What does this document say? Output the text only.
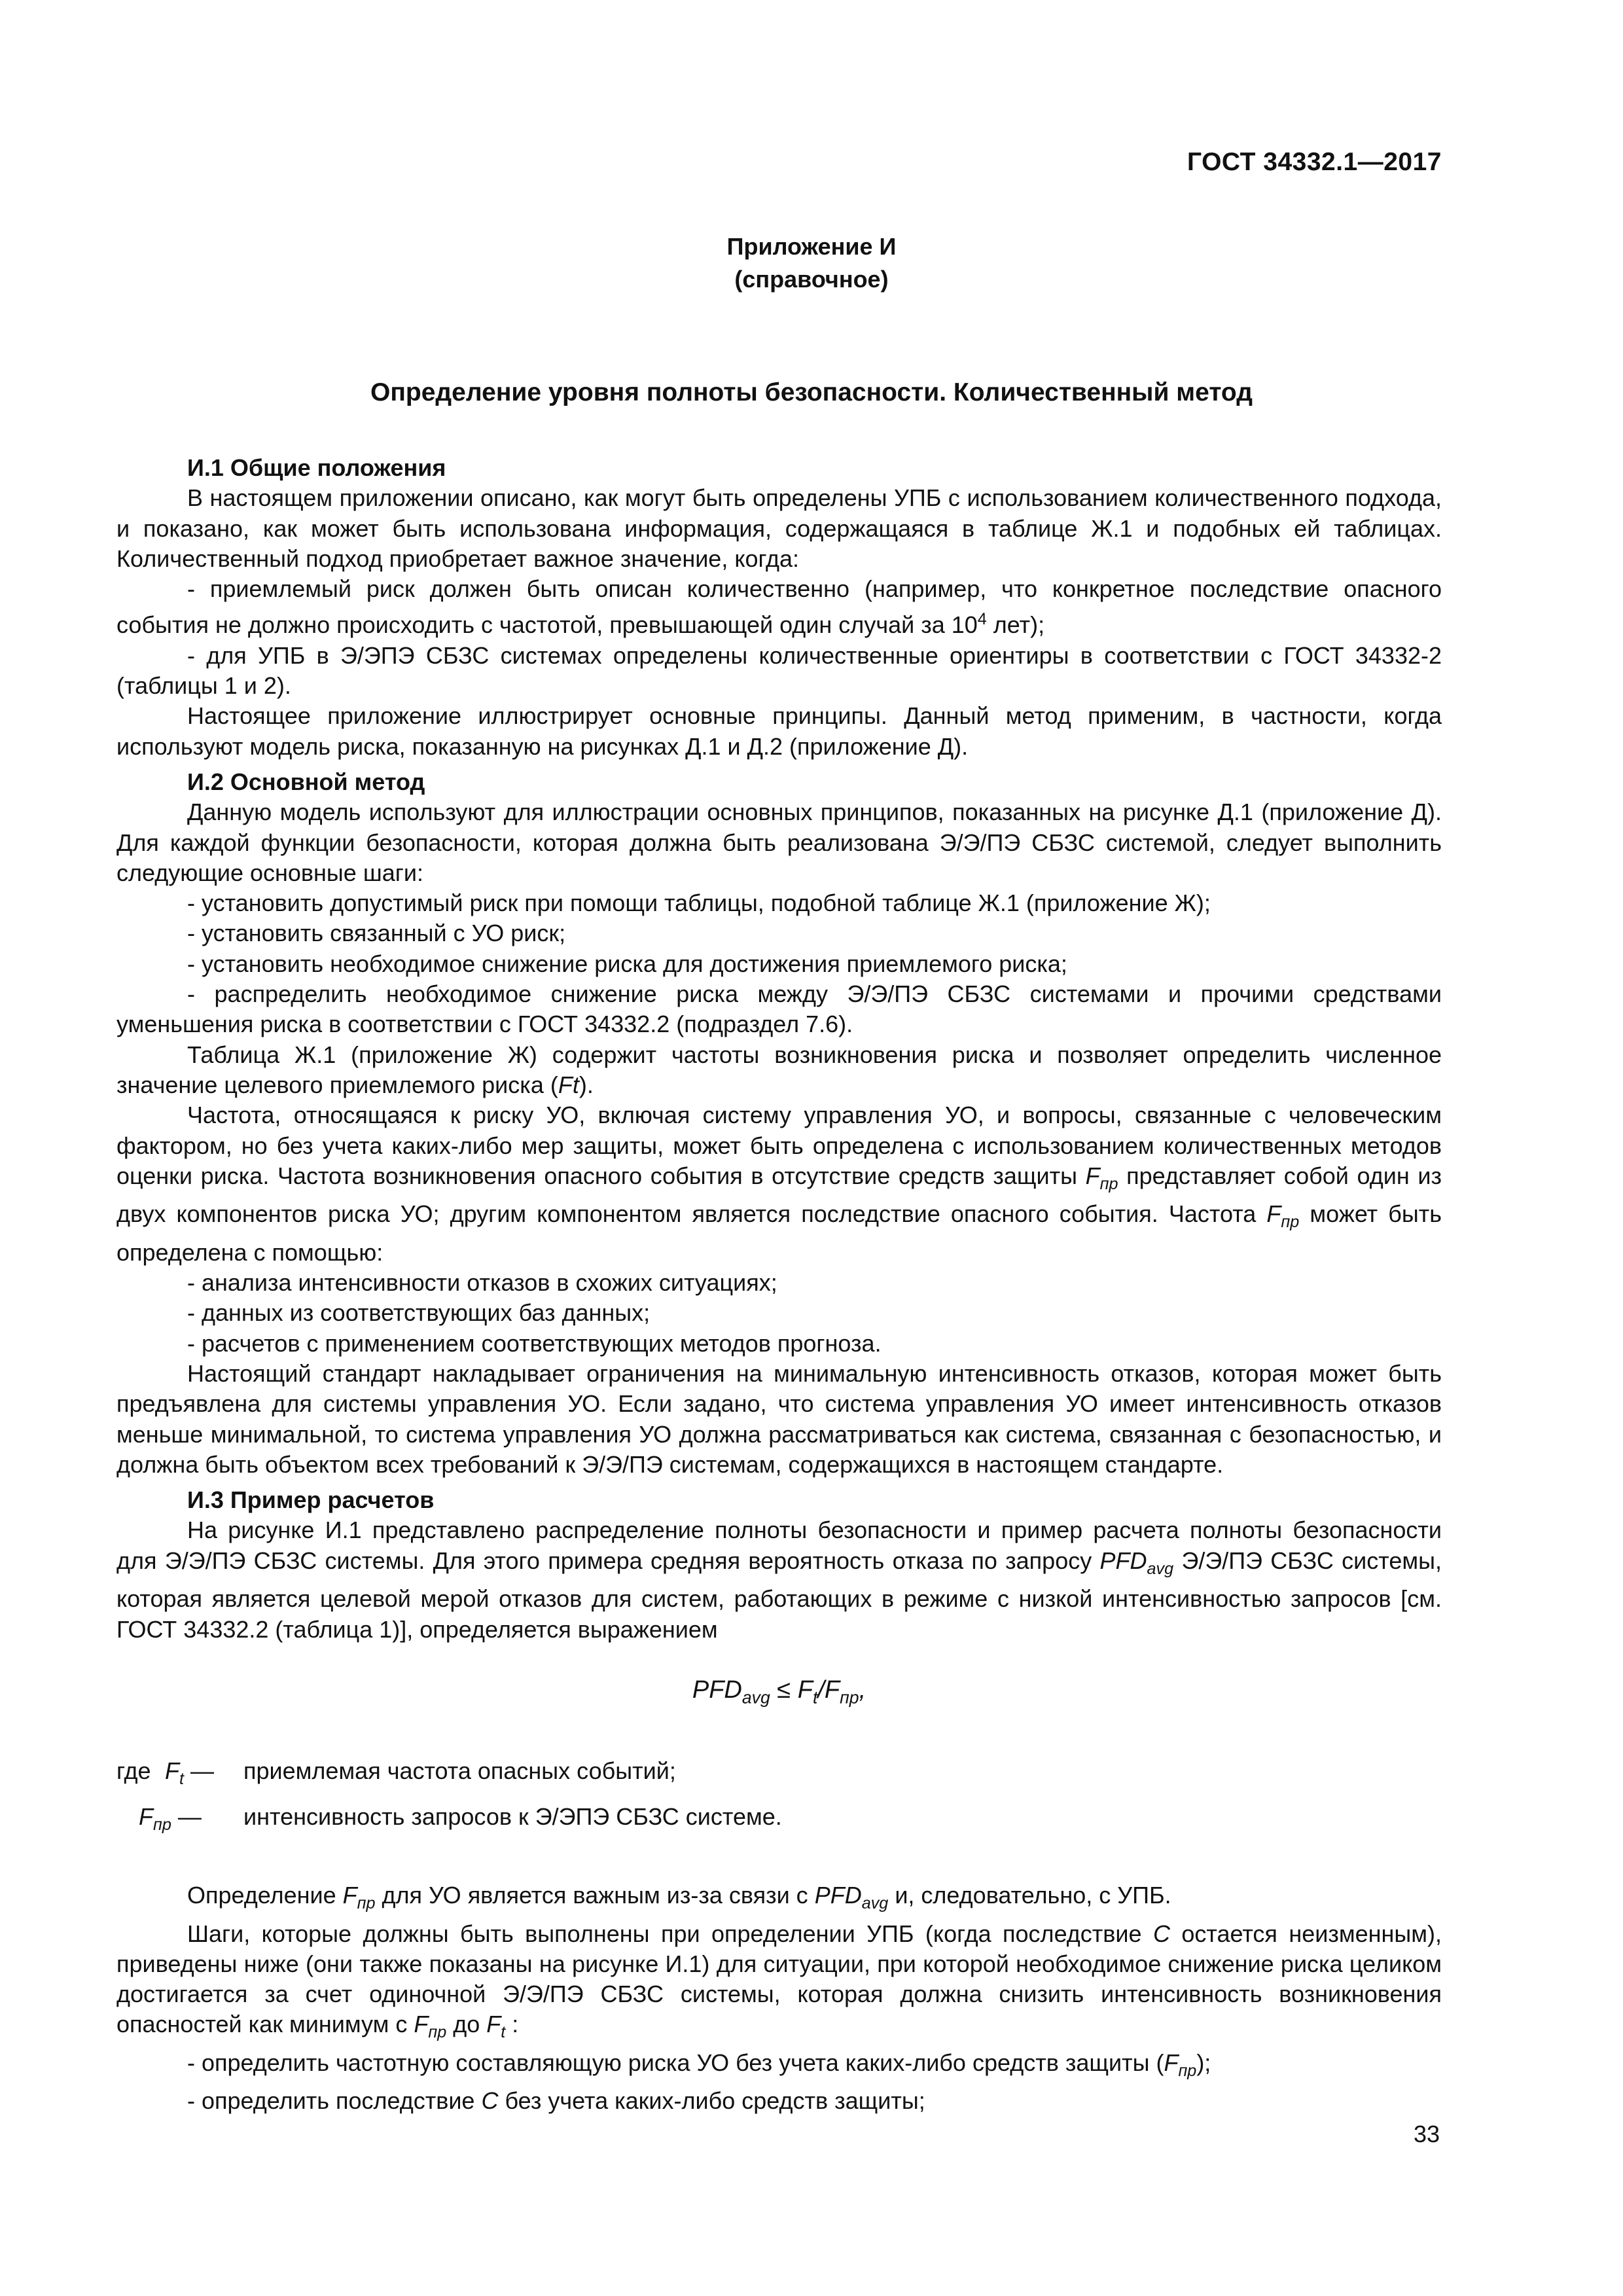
ГОСТ 34332.1—2017
Приложение И
(справочное)
Определение уровня полноты безопасности. Количественный метод

И.1 Общие положения

В настоящем приложении описано, как могут быть определены УПБ с использованием количественного подхода, и показано, как может быть использована информация, содержащаяся в таблице Ж.1 и подобных ей таблицах. Количественный подход приобретает важное значение, когда:

- приемлемый риск должен быть описан количественно (например, что конкретное последствие опасного события не должно происходить с частотой, превышающей один случай за $10^4$ лет);

- для УПБ в Э/ЭПЭ СБЗС системах определены количественные ориентиры в соответствии с ГОСТ 34332-2 (таблицы 1 и 2).

Настоящее приложение иллюстрирует основные принципы. Данный метод применим, в частности, когда используют модель риска, показанную на рисунках Д.1 и Д.2 (приложение Д).

И.2 Основной метод

Данную модель используют для иллюстрации основных принципов, показанных на рисунке Д.1 (приложение Д). Для каждой функции безопасности, которая должна быть реализована Э/Э/ПЭ СБЗС системой, следует выполнить следующие основные шаги:

- установить допустимый риск при помощи таблицы, подобной таблице Ж.1 (приложение Ж);

- установить связанный с УО риск;

- установить необходимое снижение риска для достижения приемлемого риска;

- распределить необходимое снижение риска между Э/Э/ПЭ СБЗС системами и прочими средствами уменьшения риска в соответствии с ГОСТ 34332.2 (подраздел 7.6).

Таблица Ж.1 (приложение Ж) содержит частоты возникновения риска и позволяет определить численное значение целевого приемлемого риска (Ft).

Частота, относящаяся к риску УО, включая систему управления УО, и вопросы, связанные с человеческим фактором, но без учета каких-либо мер защиты, может быть определена с использованием количественных методов оценки риска. Частота возникновения опасного события в отсутствие средств защиты $F_{пр}$ представляет собой один из двух компонентов риска УО; другим компонентом является последствие опасного события. Частота $F_{пр}$ может быть определена с помощью:

- анализа интенсивности отказов в схожих ситуациях;

- данных из соответствующих баз данных;

- расчетов с применением соответствующих методов прогноза.

Настоящий стандарт накладывает ограничения на минимальную интенсивность отказов, которая может быть предъявлена для системы управления УО. Если задано, что система управления УО имеет интенсивность отказов меньше минимальной, то система управления УО должна рассматриваться как система, связанная с безопасностью, и должна быть объектом всех требований к Э/Э/ПЭ системам, содержащихся в настоящем стандарте.

И.3 Пример расчетов

На рисунке И.1 представлено распределение полноты безопасности и пример расчета полноты безопасности для Э/Э/ПЭ СБЗС системы. Для этого примера средняя вероятность отказа по запросу $PFD_{avg}$ Э/Э/ПЭ СБЗС системы, которая является целевой мерой отказов для систем, работающих в режиме с низкой интенсивностью запросов [см. ГОСТ 34332.2 (таблица 1)], определяется выражением

$PFD_{avg} \le F_t/F_{пр}$,
где $F_t$ —	приемлемая частота опасных событий;
$F_{пр}$ —	интенсивность запросов к Э/ЭПЭ СБЗС системе.

Определение $F_{пр}$ для УО является важным из-за связи с $PFD_{avg}$ и, следовательно, с УПБ.

Шаги, которые должны быть выполнены при определении УПБ (когда последствие C остается неизменным), приведены ниже (они также показаны на рисунке И.1) для ситуации, при которой необходимое снижение риска целиком достигается за счет одиночной Э/Э/ПЭ СБЗС системы, которая должна снизить интенсивность возникновения опасностей как минимум с $F_{пр}$ до $F_t$ :

- определить частотную составляющую риска УО без учета каких-либо средств защиты $(F_{пр})$;

- определить последствие C без учета каких-либо средств защиты;

33
